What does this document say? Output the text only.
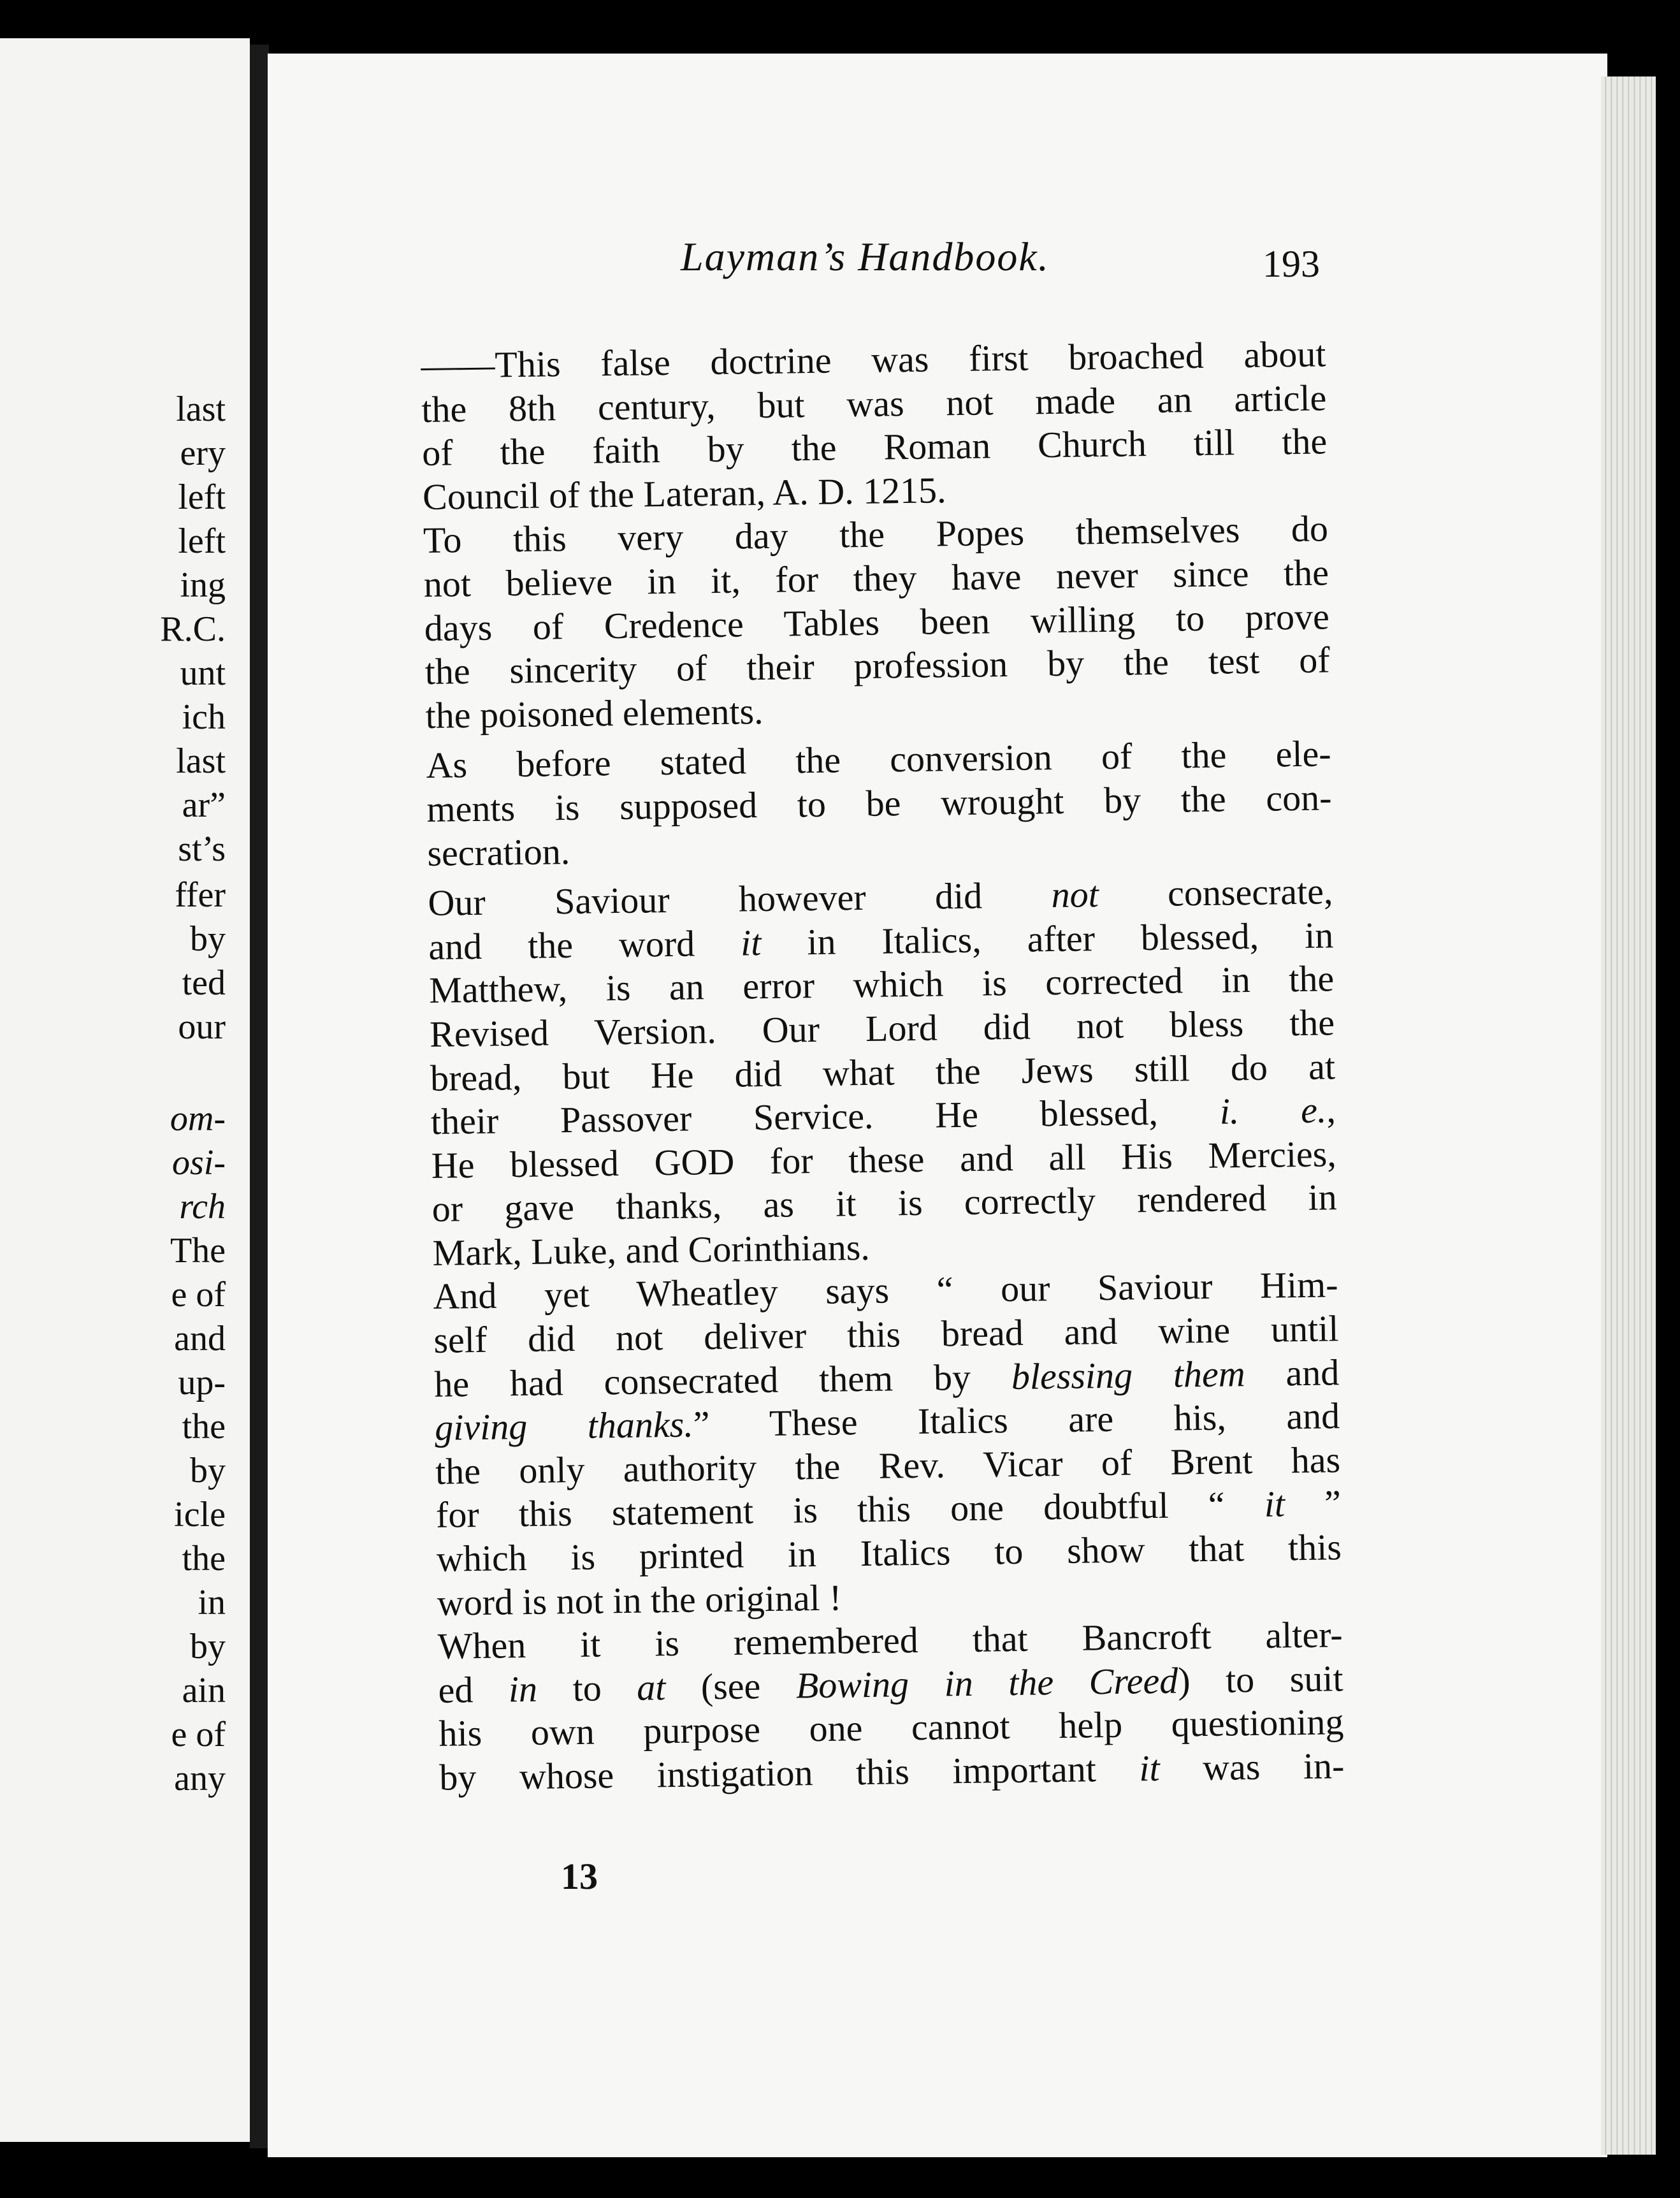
last
ery
left
left
ing
R.C.
unt
ich
last
ar”
st’s
ffer
by
ted
our
om-
osi-
rch
The
e of
and
up-
the
by
icle
the
in
by
ain
e of
any
Layman’s Handbook.	193
——This false doctrine was first broached about
the 8th century, but was not made an article
of the faith by the Roman Church till the
Council of the Lateran, A. D. 1215.
To this very day the Popes themselves do
not believe in it, for they have never since the
days of Credence Tables been willing to prove
the sincerity of their profession by the test of
the poisoned elements.
As before stated the conversion of the ele-
ments is supposed to be wrought by the con-
secration.
Our Saviour however did not consecrate,
and the word it in Italics, after blessed, in
Matthew, is an error which is corrected in the
Revised Version. Our Lord did not bless the
bread, but He did what the Jews still do at
their Passover Service. He blessed, i. e.,
He blessed GOD for these and all His Mercies,
or gave thanks, as it is correctly rendered in
Mark, Luke, and Corinthians.
And yet Wheatley says “ our Saviour Him-
self did not deliver this bread and wine until
he had consecrated them by blessing them and
giving thanks.” These Italics are his, and
the only authority the Rev. Vicar of Brent has
for this statement is this one doubtful “ it ”
which is printed in Italics to show that this
word is not in the original !
When it is remembered that Bancroft alter-
ed in to at (see Bowing in the Creed) to suit
his own purpose one cannot help questioning
by whose instigation this important it was in-
13
